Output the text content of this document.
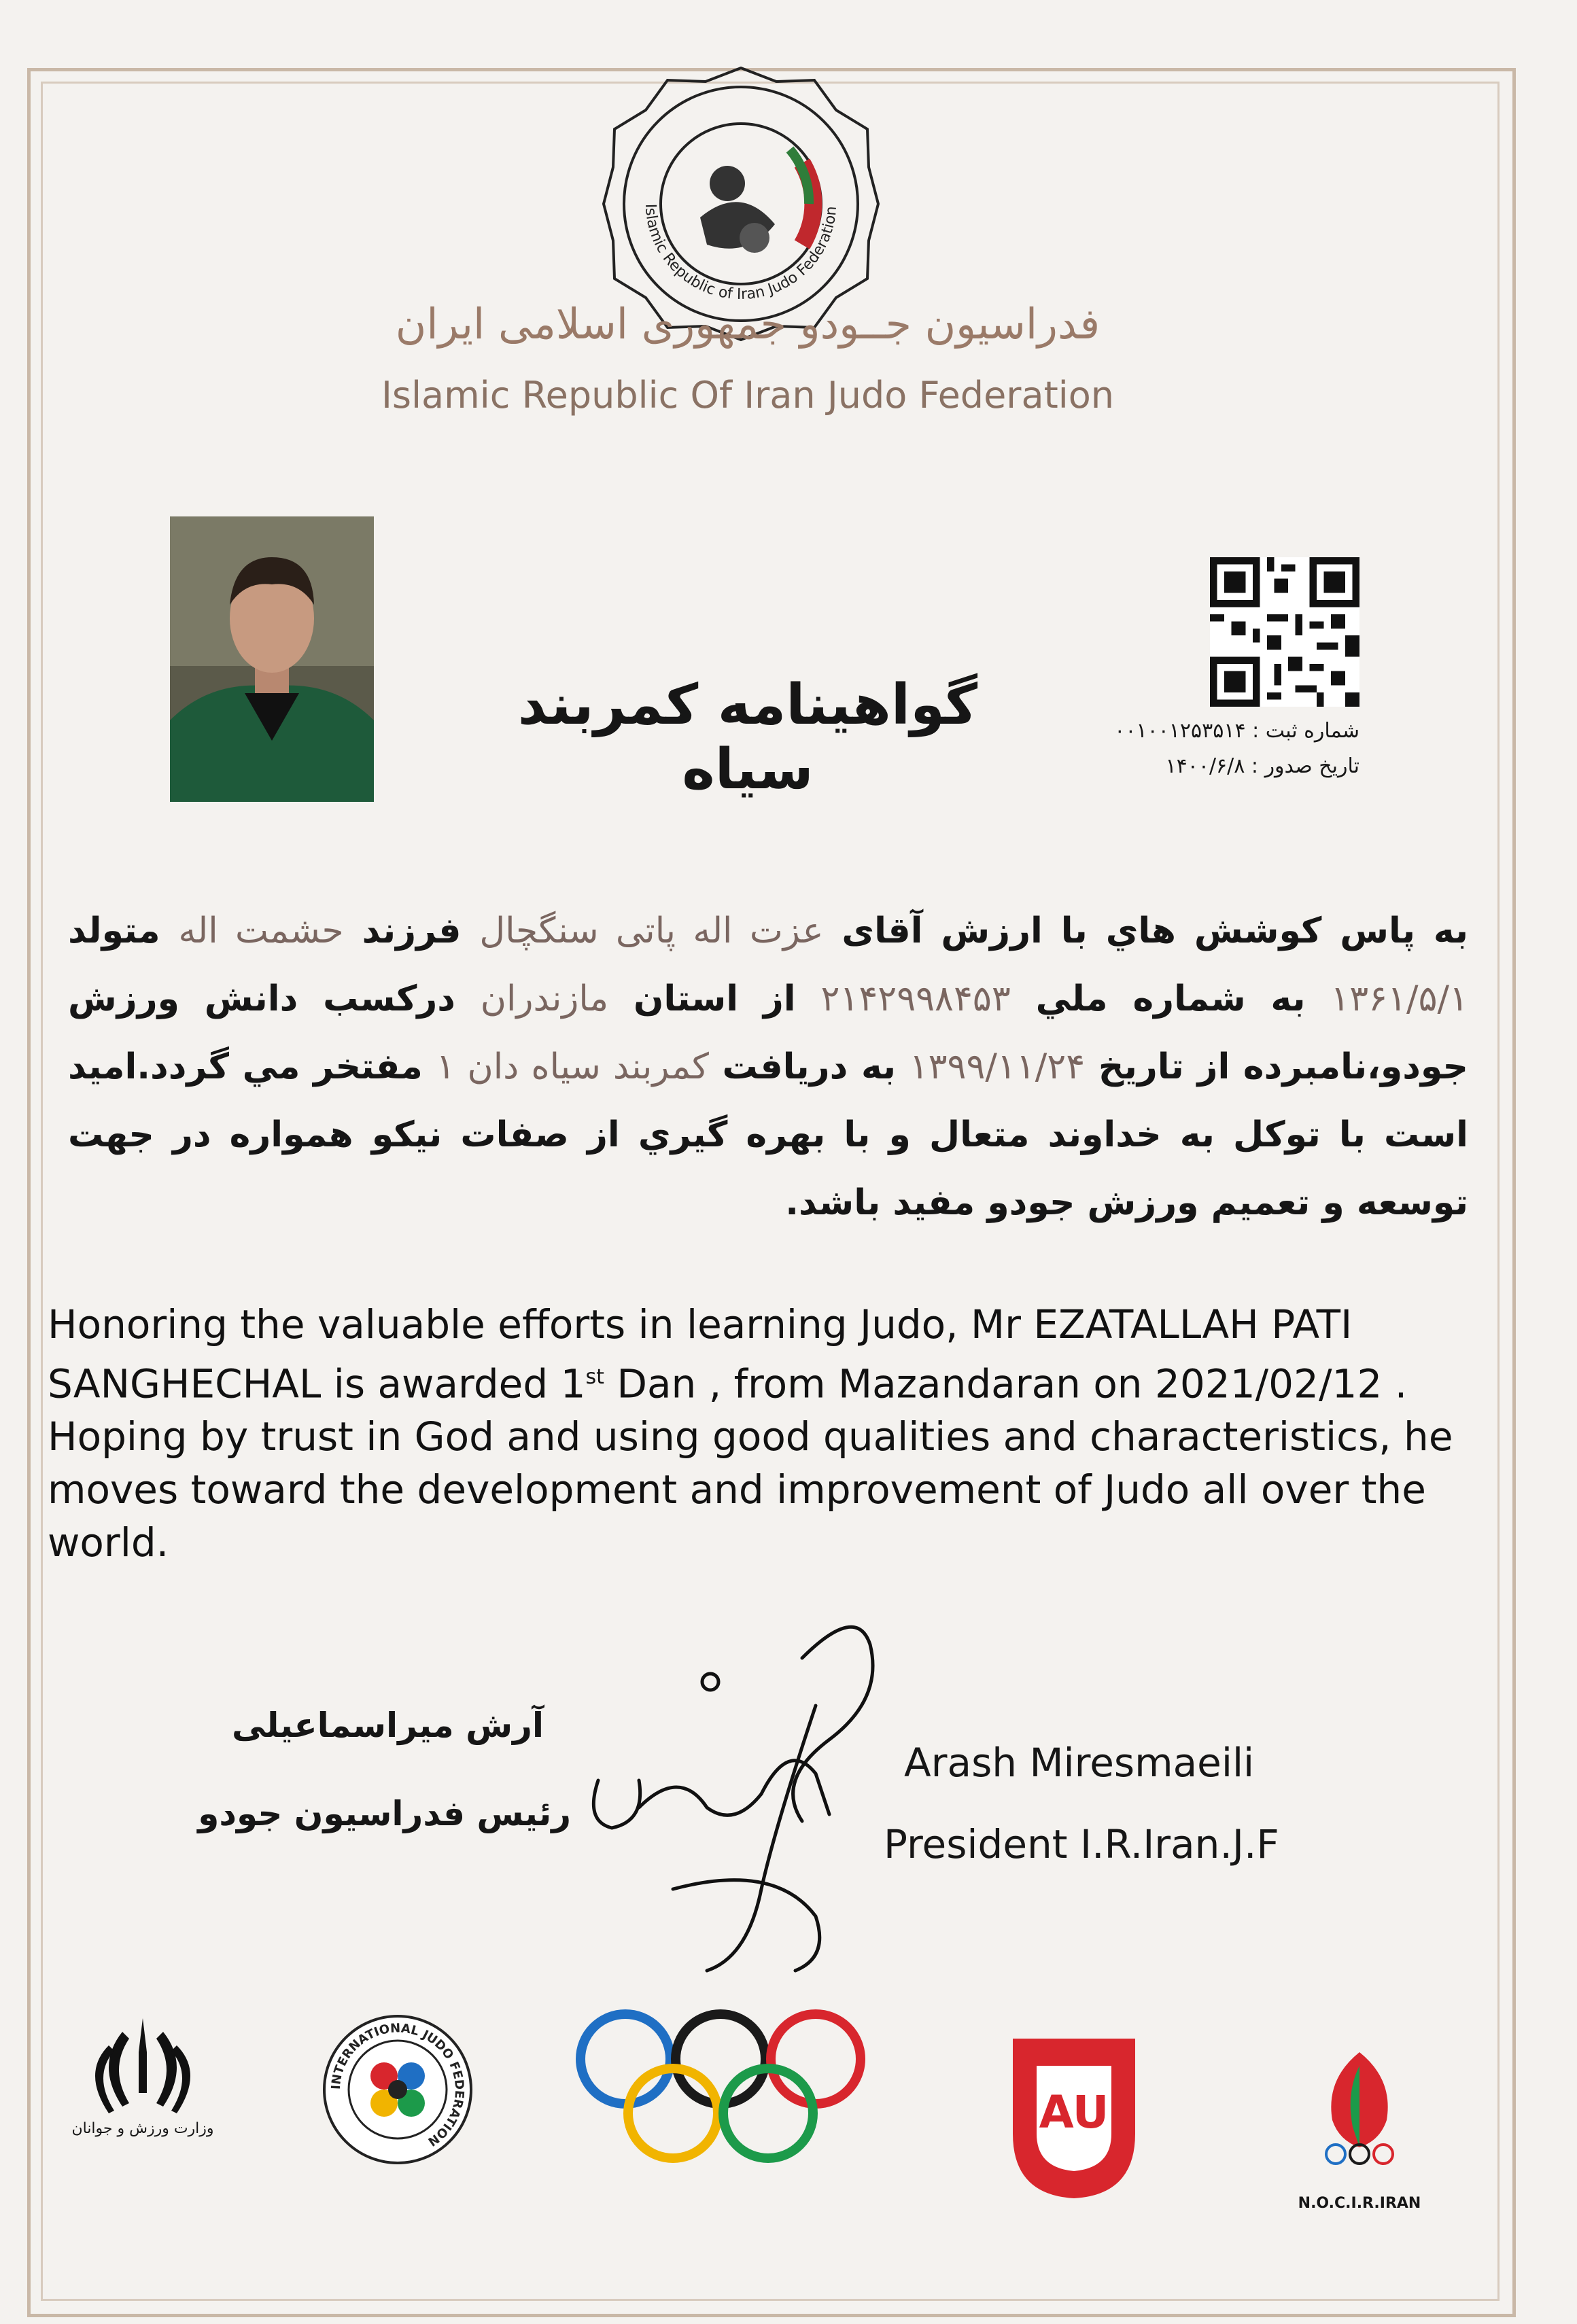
Islamic Republic of Iran Judo Federation
فدراسیون جــودو جمهوری اسلامی ایران
Islamic Republic Of Iran Judo Federation
گواهینامه کمربند سیاه
شماره ثبت : ۰۰۱۰۰۱۲۵۳۵۱۴
تاریخ صدور : ۱۴۰۰/۶/۸
به پاس کوشش هاي با ارزش آقای عزت اله پاتی سنگچال فرزند حشمت اله متولد ۱۳۶۱/۵/۱ به شماره ملي ۲۱۴۲۹۹۸۴۵۳ از استان مازندران درکسب دانش ورزش جودو،نامبرده از تاریخ ۱۳۹۹/۱۱/۲۴ به دریافت کمربند سیاه دان ۱ مفتخر مي گردد.امید است با توکل به خداوند متعال و با بهره گیري از صفات نیکو همواره در جهت توسعه و تعمیم ورزش جودو مفید باشد.
Honoring the valuable efforts in learning Judo, Mr EZATALLAH PATI SANGHECHAL is awarded 1st Dan , from Mazandaran on 2021/02/12 . Hoping by trust in God and using good qualities and characteristics, he moves toward the development and improvement of Judo all over the world.
آرش میراسماعیلی
رئیس فدراسیون جودو
Arash Miresmaeili
President I.R.Iran.J.F
وزارت ورزش و جوانان
INTERNATIONAL JUDO FEDERATION
AU
N.O.C.I.R.IRAN
